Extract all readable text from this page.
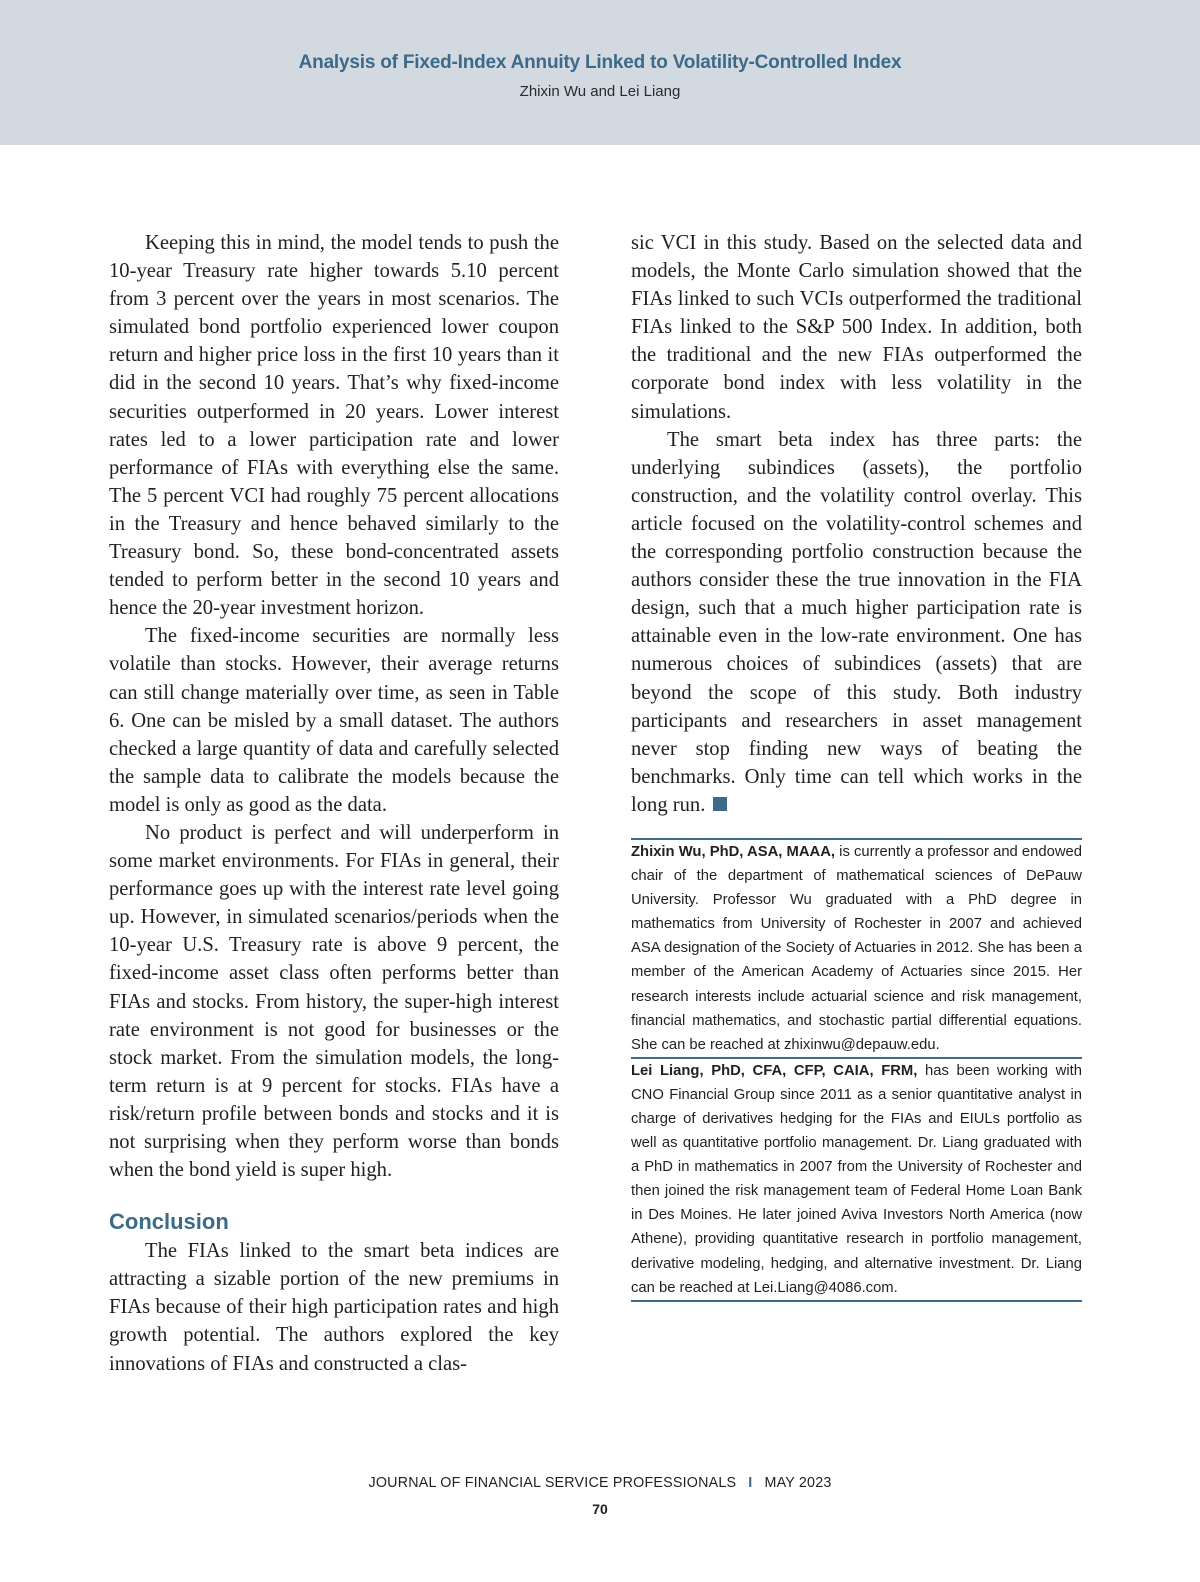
Analysis of Fixed-Index Annuity Linked to Volatility-Controlled Index
Zhixin Wu and Lei Liang

Keeping this in mind, the model tends to push the 10-year Treasury rate higher towards 5.10 percent from 3 percent over the years in most scenarios. The simulated bond portfolio experienced lower coupon return and higher price loss in the first 10 years than it did in the second 10 years. That’s why fixed-income securities outperformed in 20 years. Lower interest rates led to a lower participation rate and lower performance of FIAs with everything else the same. The 5 percent VCI had roughly 75 percent allocations in the Treasury and hence behaved similarly to the Treasury bond. So, these bond-concentrated assets tended to perform better in the second 10 years and hence the 20-year investment horizon.

The fixed-income securities are normally less volatile than stocks. However, their average returns can still change materially over time, as seen in Table 6. One can be misled by a small dataset. The authors checked a large quantity of data and carefully selected the sample data to calibrate the models because the model is only as good as the data.

No product is perfect and will underperform in some market environments. For FIAs in general, their performance goes up with the interest rate level going up. However, in simulated scenarios/periods when the 10-year U.S. Treasury rate is above 9 percent, the fixed-income asset class often performs better than FIAs and stocks. From history, the super-high interest rate environment is not good for businesses or the stock market. From the simulation models, the long-term return is at 9 percent for stocks. FIAs have a risk/return profile between bonds and stocks and it is not surprising when they perform worse than bonds when the bond yield is super high.

Conclusion

The FIAs linked to the smart beta indices are attracting a sizable portion of the new premiums in FIAs because of their high participation rates and high growth potential. The authors explored the key innovations of FIAs and constructed a clas-

sic VCI in this study. Based on the selected data and models, the Monte Carlo simulation showed that the FIAs linked to such VCIs outperformed the traditional FIAs linked to the S&P 500 Index. In addition, both the traditional and the new FIAs outperformed the corporate bond index with less volatility in the simulations.

The smart beta index has three parts: the underlying subindices (assets), the portfolio construction, and the volatility control overlay. This article focused on the volatility-control schemes and the corresponding portfolio construction because the authors consider these the true innovation in the FIA design, such that a much higher participation rate is attainable even in the low-rate environment. One has numerous choices of subindices (assets) that are beyond the scope of this study. Both industry participants and researchers in asset management never stop finding new ways of beating the benchmarks. Only time can tell which works in the long run.

Zhixin Wu, PhD, ASA, MAAA, is currently a professor and endowed chair of the department of mathematical sciences of DePauw University. Professor Wu graduated with a PhD degree in mathematics from University of Rochester in 2007 and achieved ASA designation of the Society of Actuaries in 2012. She has been a member of the American Academy of Actuaries since 2015. Her research interests include actuarial science and risk management, financial mathematics, and stochastic partial differential equations. She can be reached at zhixinwu@depauw.edu.

Lei Liang, PhD, CFA, CFP, CAIA, FRM, has been working with CNO Financial Group since 2011 as a senior quantitative analyst in charge of derivatives hedging for the FIAs and EIULs portfolio as well as quantitative portfolio management. Dr. Liang graduated with a PhD in mathematics in 2007 from the University of Rochester and then joined the risk management team of Federal Home Loan Bank in Des Moines. He later joined Aviva Investors North America (now Athene), providing quantitative research in portfolio management, derivative modeling, hedging, and alternative investment. Dr. Liang can be reached at Lei.Liang@4086.com.

JOURNAL OF FINANCIAL SERVICE PROFESSIONALS I MAY 2023
70
